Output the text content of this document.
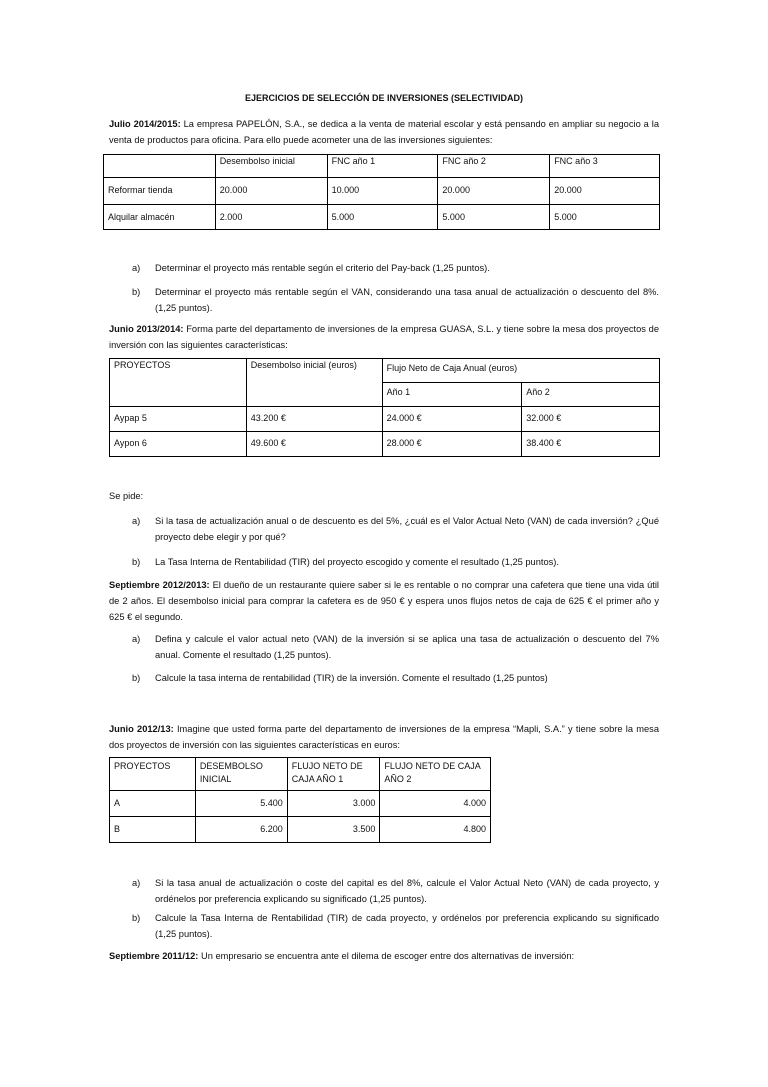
EJERCICIOS DE SELECCIÓN DE INVERSIONES (SELECTIVIDAD)
Julio 2014/2015: La empresa PAPELÓN, S.A., se dedica a la venta de material escolar y está pensando en ampliar su negocio a la venta de productos para oficina. Para ello puede acometer una de las inversiones siguientes:
	Desembolso inicial	FNC año 1	FNC año 2	FNC año 3
Reformar tienda	20.000	10.000	20.000	20.000
Alquilar almacén	2.000	5.000	5.000	5.000
a) Determinar el proyecto más rentable según el criterio del Pay-back (1,25 puntos).
b) Determinar el proyecto más rentable según el VAN, considerando una tasa anual de actualización o descuento del 8%. (1,25 puntos).
Junio 2013/2014: Forma parte del departamento de inversiones de la empresa GUASA, S.L. y tiene sobre la mesa dos proyectos de inversión con las siguientes características:
PROYECTOS	Desembolso inicial (euros)	Flujo Neto de Caja Anual (euros)	
		Año 1	Año 2
Aypap 5	43.200 €	24.000 €	32.000 €
Aypon 6	49.600 €	28.000 €	38.400 €
Se pide:
a) Si la tasa de actualización anual o de descuento es del 5%, ¿cuál es el Valor Actual Neto (VAN) de cada inversión? ¿Qué proyecto debe elegir y por qué?
b) La Tasa Interna de Rentabilidad (TIR) del proyecto escogido y comente el resultado (1,25 puntos).
Septiembre 2012/2013: El dueño de un restaurante quiere saber si le es rentable o no comprar una cafetera que tiene una vida útil de 2 años. El desembolso inicial para comprar la cafetera es de 950 € y espera unos flujos netos de caja de 625 € el primer año y 625 € el segundo.
a) Defina y calcule el valor actual neto (VAN) de la inversión si se aplica una tasa de actualización o descuento del 7% anual. Comente el resultado (1,25 puntos).
b) Calcule la tasa interna de rentabilidad (TIR) de la inversión. Comente el resultado (1,25 puntos)
Junio 2012/13: Imagine que usted forma parte del departamento de inversiones de la empresa “Mapli, S.A.” y tiene sobre la mesa dos proyectos de inversión con las siguientes características en euros:
PROYECTOS	DESEMBOLSO INICIAL	FLUJO NETO DE CAJA AÑO 1	FLUJO NETO DE CAJA AÑO 2
A	5.400	3.000	4.000
B	6.200	3.500	4.800
a) Si la tasa anual de actualización o coste del capital es del 8%, calcule el Valor Actual Neto (VAN) de cada proyecto, y ordénelos por preferencia explicando su significado (1,25 puntos).
b) Calcule la Tasa Interna de Rentabilidad (TIR) de cada proyecto, y ordénelos por preferencia explicando su significado (1,25 puntos).
Septiembre 2011/12: Un empresario se encuentra ante el dilema de escoger entre dos alternativas de inversión:
